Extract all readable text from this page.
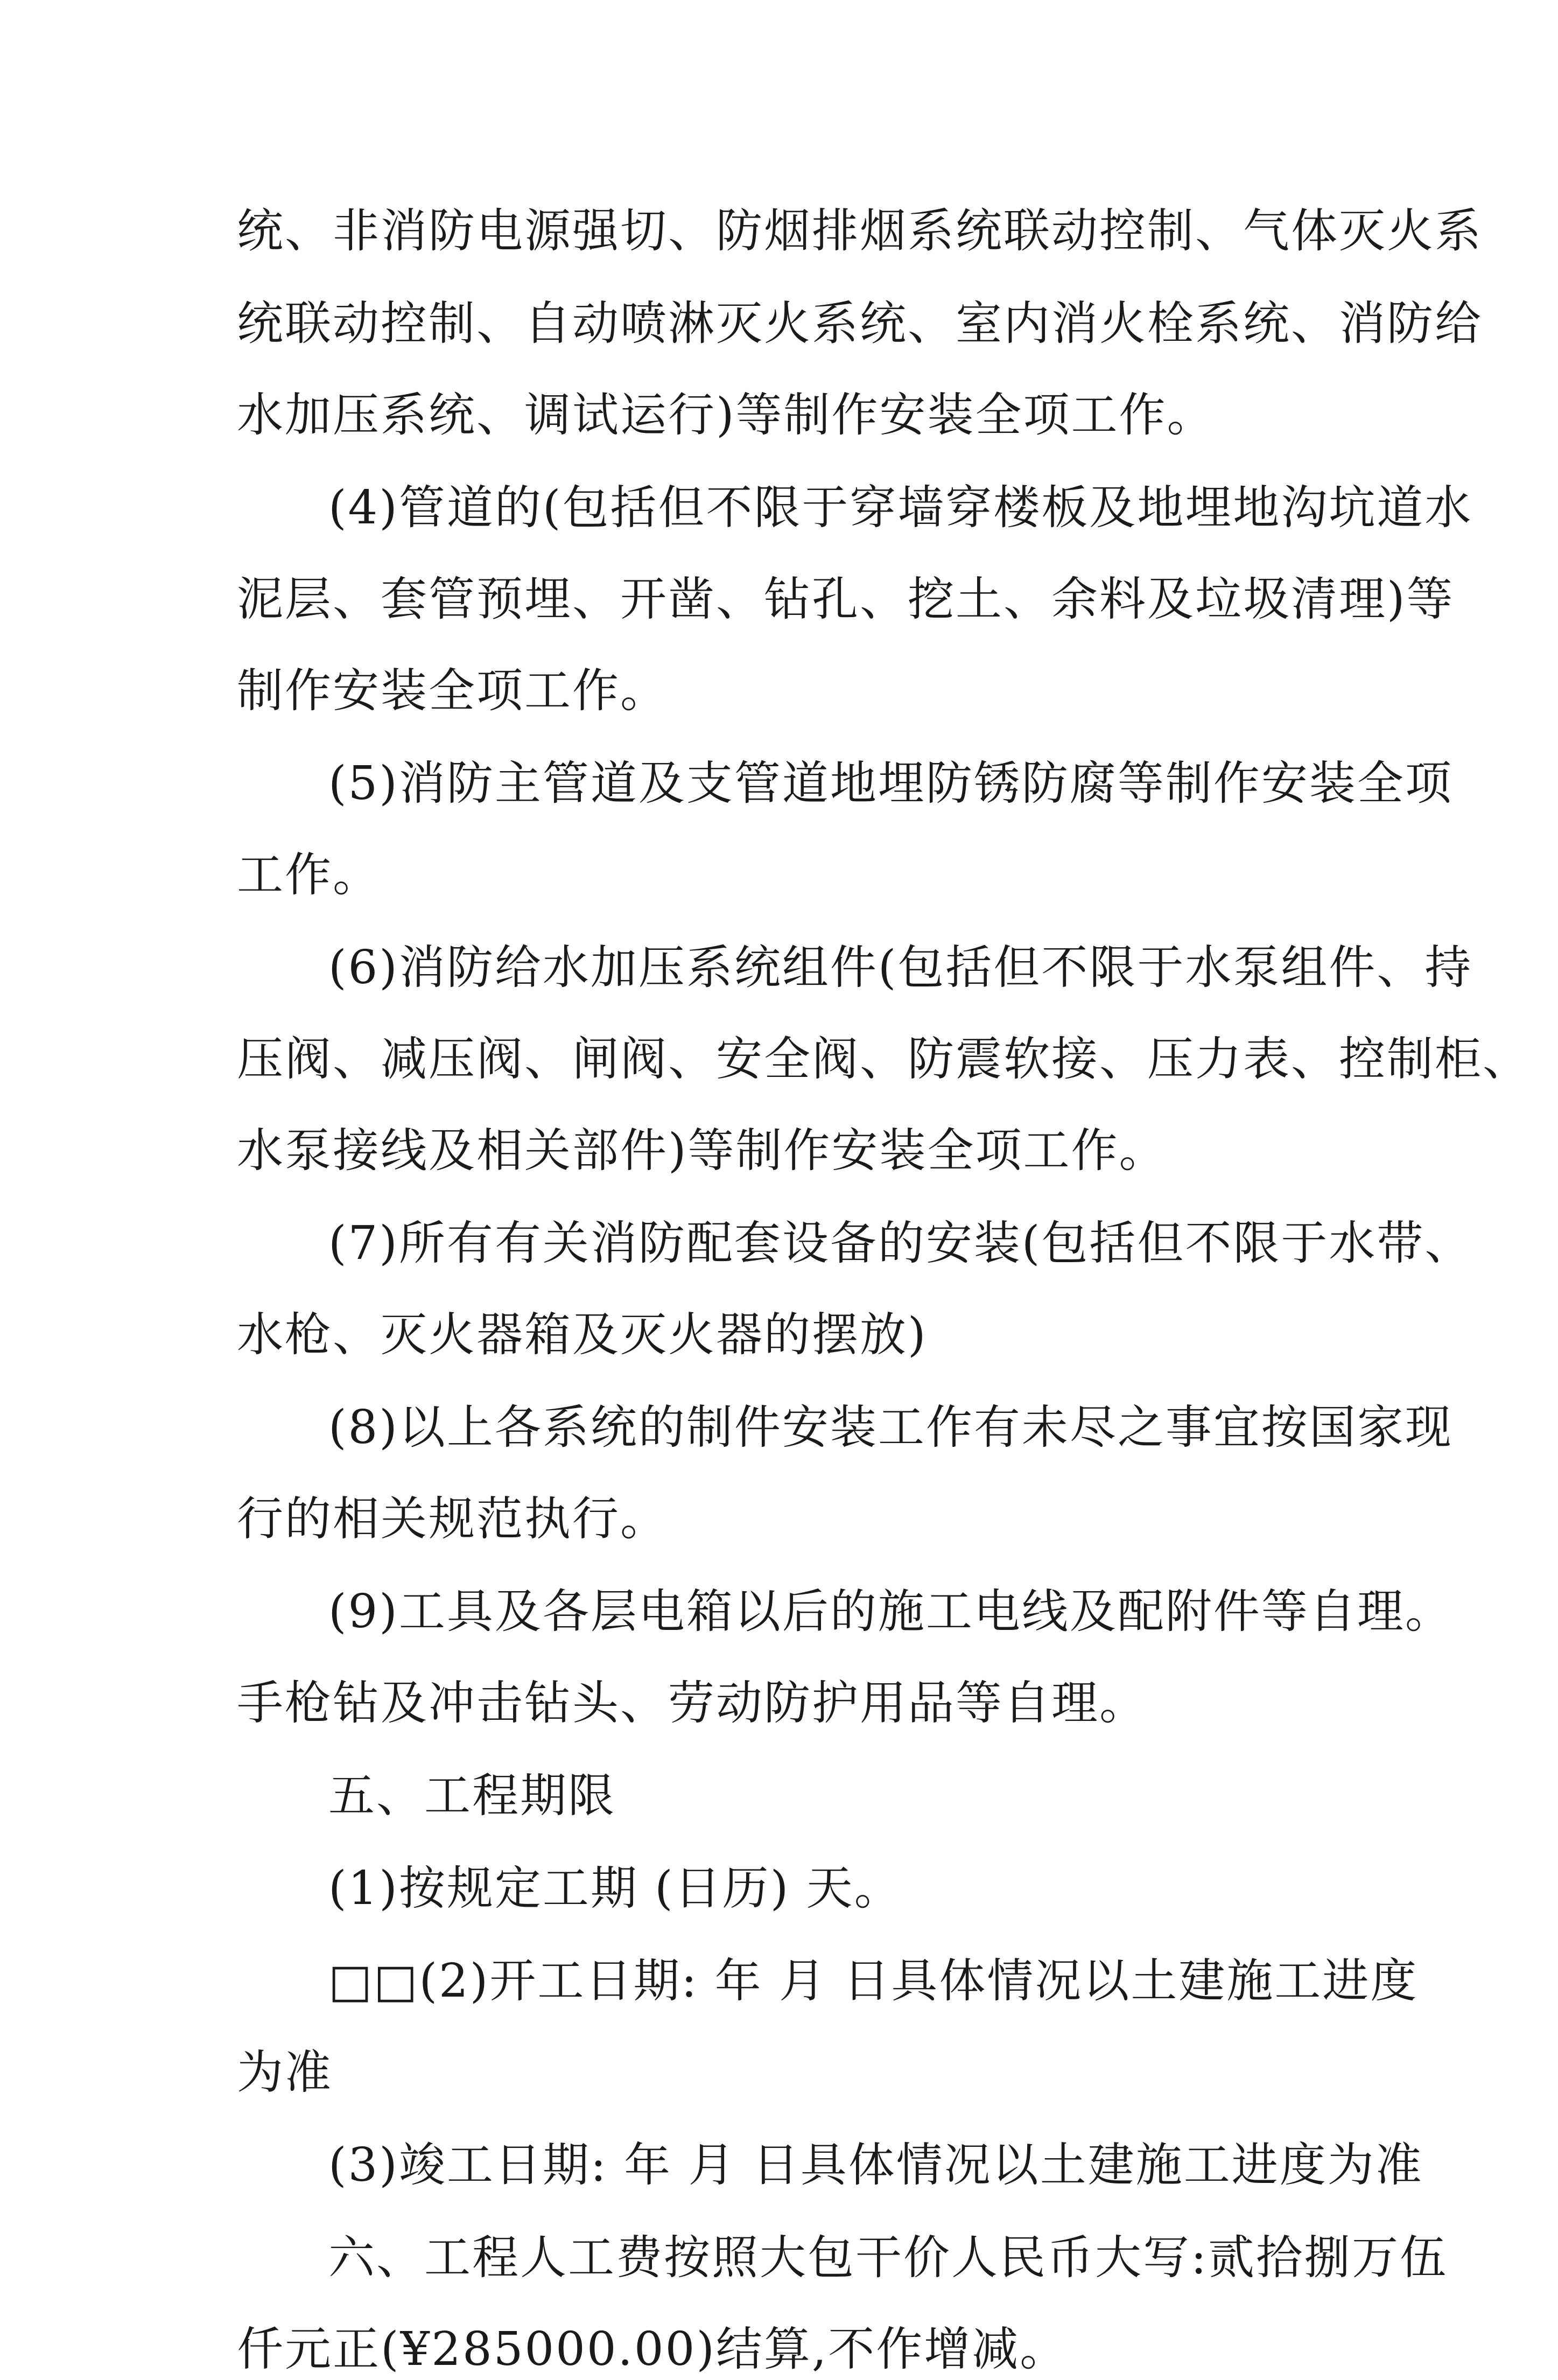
统、非消防电源强切、防烟排烟系统联动控制、气体灭火系
统联动控制、自动喷淋灭火系统、室内消火栓系统、消防给
水加压系统、调试运行)等制作安装全项工作。
(4)管道的(包括但不限于穿墙穿楼板及地埋地沟坑道水
泥层、套管预埋、开凿、钻孔、挖土、余料及垃圾清理)等
制作安装全项工作。
(5)消防主管道及支管道地埋防锈防腐等制作安装全项
工作。
(6)消防给水加压系统组件(包括但不限于水泵组件、持
压阀、减压阀、闸阀、安全阀、防震软接、压力表、控制柜、
水泵接线及相关部件)等制作安装全项工作。
(7)所有有关消防配套设备的安装(包括但不限于水带、
水枪、灭火器箱及灭火器的摆放)
(8)以上各系统的制件安装工作有未尽之事宜按国家现
行的相关规范执行。
(9)工具及各层电箱以后的施工电线及配附件等自理。
手枪钻及冲击钻头、劳动防护用品等自理。
五、工程期限
(1)按规定工期 (日历) 天。
□□(2)开工日期: 年 月 日具体情况以土建施工进度
为准
(3)竣工日期: 年 月 日具体情况以土建施工进度为准
六、工程人工费按照大包干价人民币大写:贰拾捌万伍
仟元正(¥285000.00)结算,不作增减。
